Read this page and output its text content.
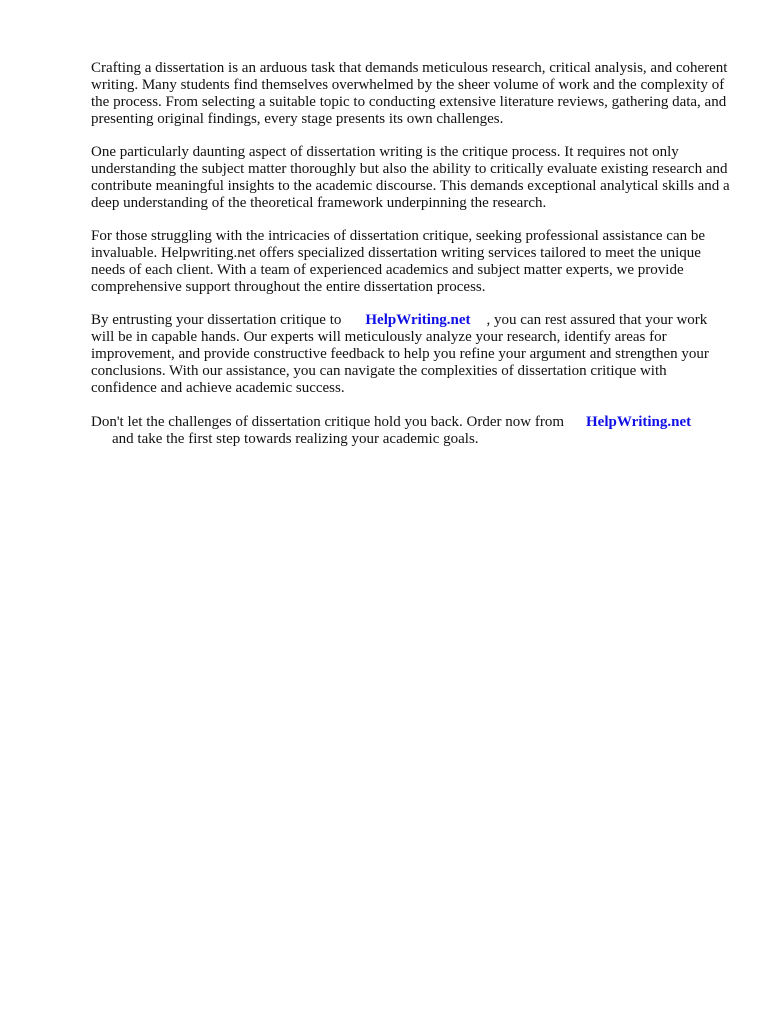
Crafting a dissertation is an arduous task that demands meticulous research, critical analysis, and coherent writing. Many students find themselves overwhelmed by the sheer volume of work and the complexity of the process. From selecting a suitable topic to conducting extensive literature reviews, gathering data, and presenting original findings, every stage presents its own challenges.

One particularly daunting aspect of dissertation writing is the critique process. It requires not only understanding the subject matter thoroughly but also the ability to critically evaluate existing research and contribute meaningful insights to the academic discourse. This demands exceptional analytical skills and a deep understanding of the theoretical framework underpinning the research.

For those struggling with the intricacies of dissertation critique, seeking professional assistance can be invaluable. Helpwriting.net offers specialized dissertation writing services tailored to meet the unique needs of each client. With a team of experienced academics and subject matter experts, we provide comprehensive support throughout the entire dissertation process.

By entrusting your dissertation critique to HelpWriting.net , you can rest assured that your work will be in capable hands. Our experts will meticulously analyze your research, identify areas for improvement, and provide constructive feedback to help you refine your argument and strengthen your conclusions. With our assistance, you can navigate the complexities of dissertation critique with confidence and achieve academic success.

Don't let the challenges of dissertation critique hold you back. Order now from HelpWriting.net
and take the first step towards realizing your academic goals.
